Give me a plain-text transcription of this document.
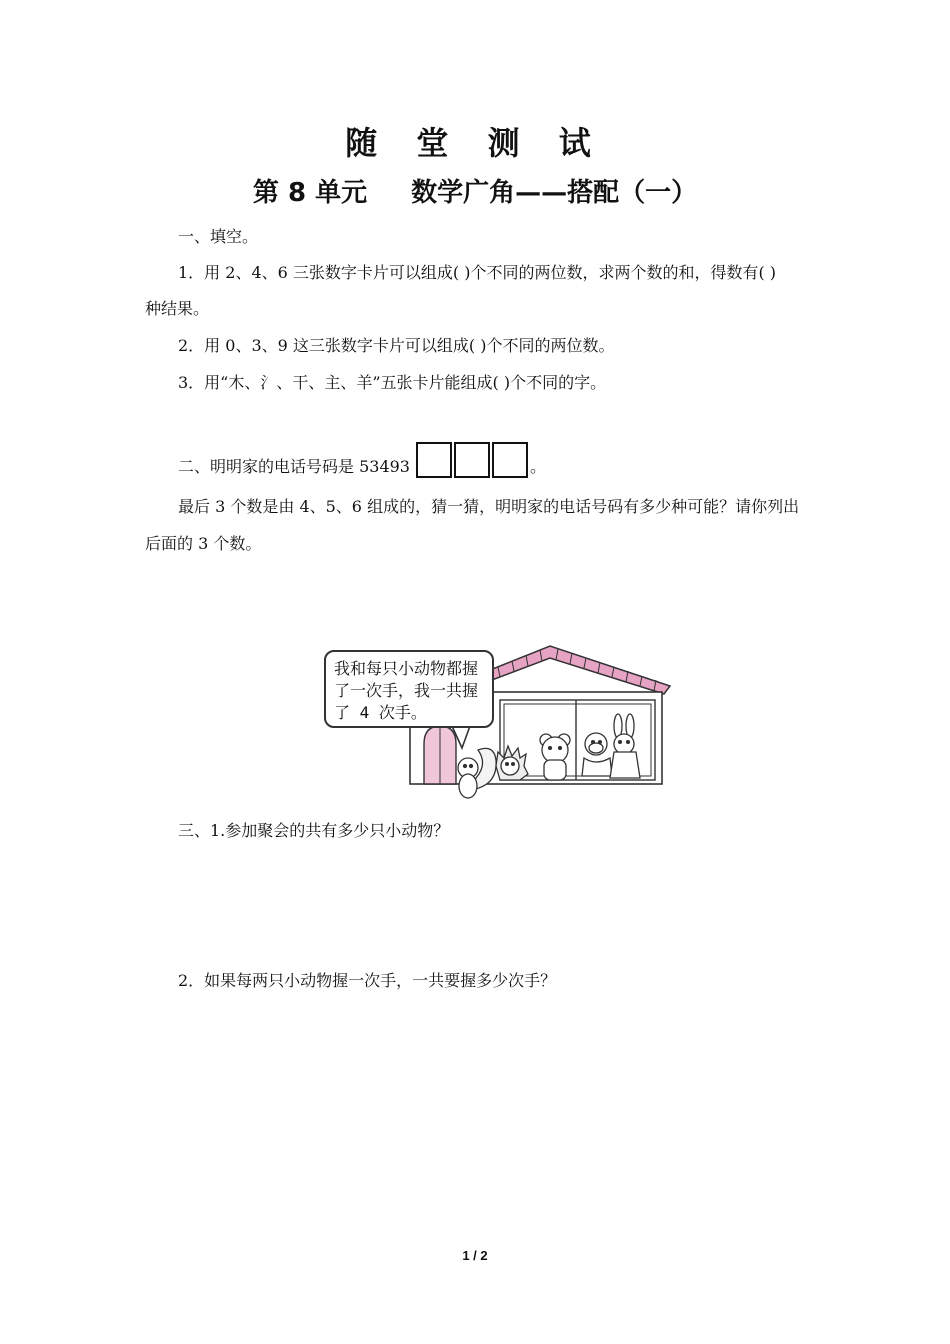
随 堂 测 试
第 8 单元 数学广角——搭配（一）
一、填空。
1．用 2、4、6 三张数字卡片可以组成( )个不同的两位数，求两个数的和，得数有( )
种结果。
2．用 0、3、9 这三张数字卡片可以组成( )个不同的两位数。
3．用“木、氵、干、主、羊”五张卡片能组成( )个不同的字。
二、明明家的电话号码是 53493	。
最后 3 个数是由 4、5、6 组成的，猜一猜，明明家的电话号码有多少种可能？请你列出
后面的 3 个数。
我和每只小动物都握了一次手，我一共握了 4 次手。
三、1.参加聚会的共有多少只小动物？
2．如果每两只小动物握一次手，一共要握多少次手？
1 / 2
